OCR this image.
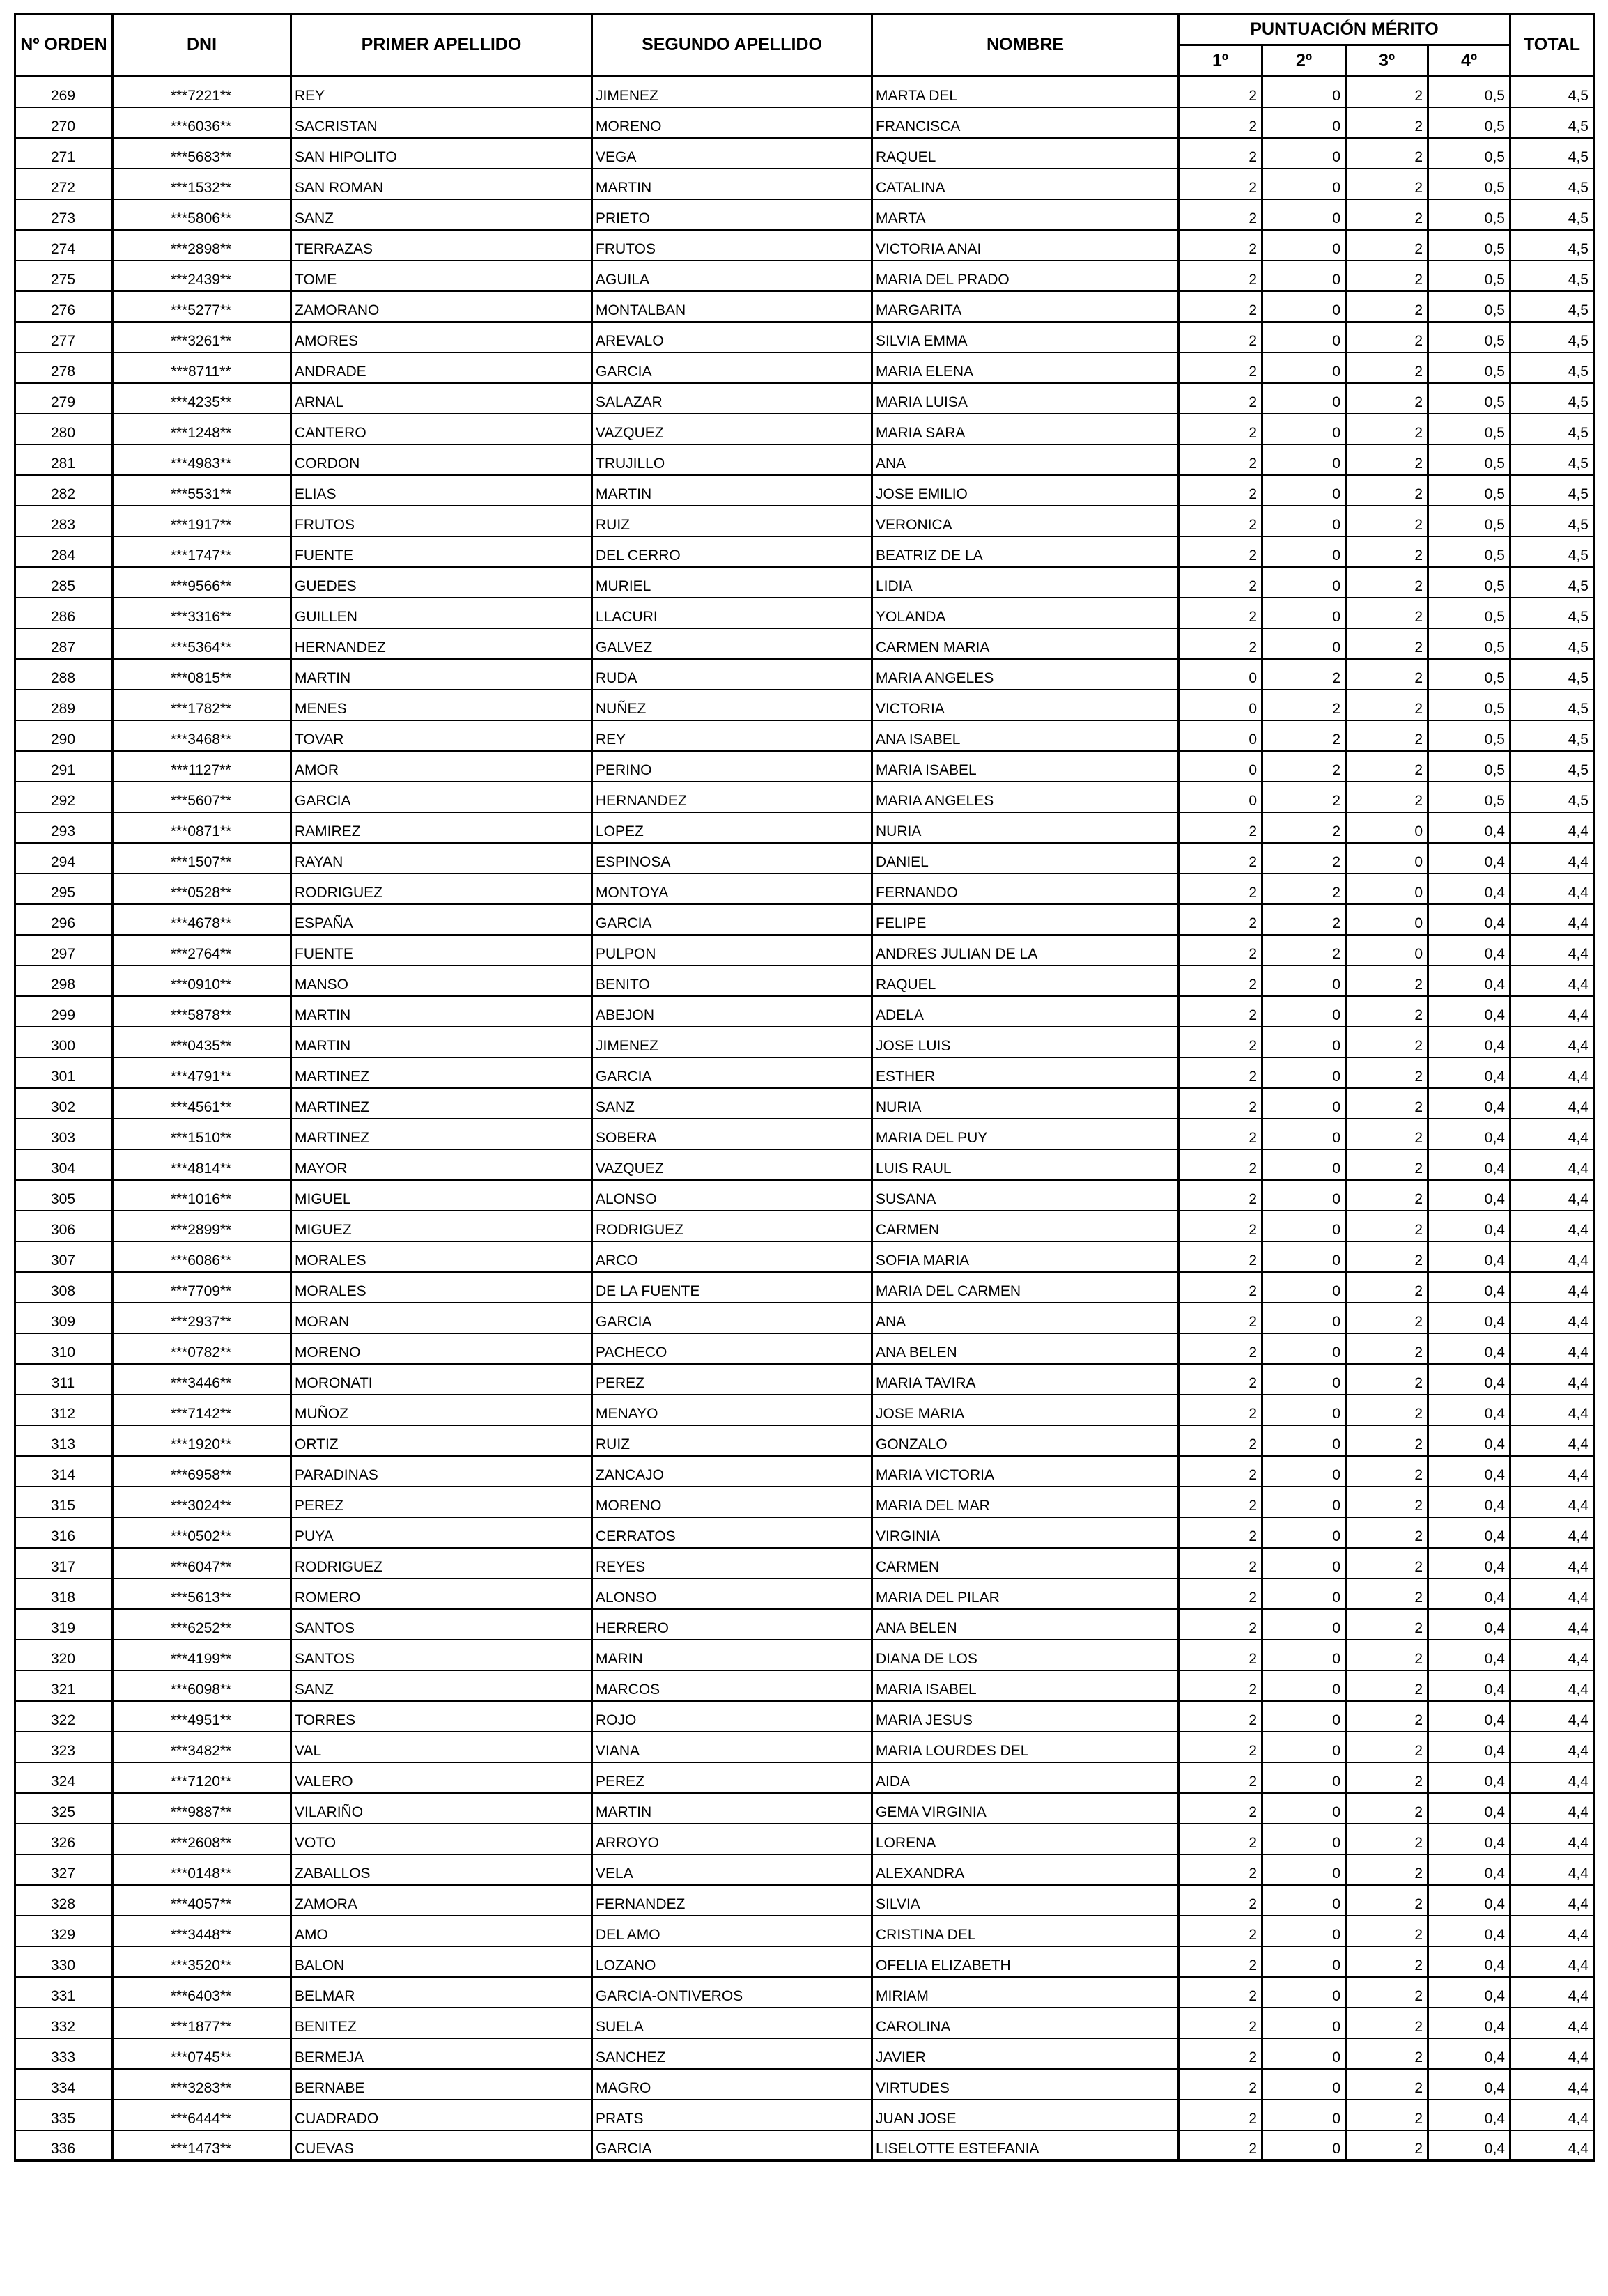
Nº ORDEN	DNI	PRIMER APELLIDO	SEGUNDO APELLIDO	NOMBRE	PUNTUACIÓN MÉRITO				TOTAL
					1º	2º	3º	4º	
269	***7221**	REY	JIMENEZ	MARTA DEL	2	0	2	0,5	4,5
270	***6036**	SACRISTAN	MORENO	FRANCISCA	2	0	2	0,5	4,5
271	***5683**	SAN HIPOLITO	VEGA	RAQUEL	2	0	2	0,5	4,5
272	***1532**	SAN ROMAN	MARTIN	CATALINA	2	0	2	0,5	4,5
273	***5806**	SANZ	PRIETO	MARTA	2	0	2	0,5	4,5
274	***2898**	TERRAZAS	FRUTOS	VICTORIA ANAI	2	0	2	0,5	4,5
275	***2439**	TOME	AGUILA	MARIA DEL PRADO	2	0	2	0,5	4,5
276	***5277**	ZAMORANO	MONTALBAN	MARGARITA	2	0	2	0,5	4,5
277	***3261**	AMORES	AREVALO	SILVIA EMMA	2	0	2	0,5	4,5
278	***8711**	ANDRADE	GARCIA	MARIA ELENA	2	0	2	0,5	4,5
279	***4235**	ARNAL	SALAZAR	MARIA LUISA	2	0	2	0,5	4,5
280	***1248**	CANTERO	VAZQUEZ	MARIA SARA	2	0	2	0,5	4,5
281	***4983**	CORDON	TRUJILLO	ANA	2	0	2	0,5	4,5
282	***5531**	ELIAS	MARTIN	JOSE EMILIO	2	0	2	0,5	4,5
283	***1917**	FRUTOS	RUIZ	VERONICA	2	0	2	0,5	4,5
284	***1747**	FUENTE	DEL CERRO	BEATRIZ DE LA	2	0	2	0,5	4,5
285	***9566**	GUEDES	MURIEL	LIDIA	2	0	2	0,5	4,5
286	***3316**	GUILLEN	LLACURI	YOLANDA	2	0	2	0,5	4,5
287	***5364**	HERNANDEZ	GALVEZ	CARMEN MARIA	2	0	2	0,5	4,5
288	***0815**	MARTIN	RUDA	MARIA ANGELES	0	2	2	0,5	4,5
289	***1782**	MENES	NUÑEZ	VICTORIA	0	2	2	0,5	4,5
290	***3468**	TOVAR	REY	ANA ISABEL	0	2	2	0,5	4,5
291	***1127**	AMOR	PERINO	MARIA ISABEL	0	2	2	0,5	4,5
292	***5607**	GARCIA	HERNANDEZ	MARIA ANGELES	0	2	2	0,5	4,5
293	***0871**	RAMIREZ	LOPEZ	NURIA	2	2	0	0,4	4,4
294	***1507**	RAYAN	ESPINOSA	DANIEL	2	2	0	0,4	4,4
295	***0528**	RODRIGUEZ	MONTOYA	FERNANDO	2	2	0	0,4	4,4
296	***4678**	ESPAÑA	GARCIA	FELIPE	2	2	0	0,4	4,4
297	***2764**	FUENTE	PULPON	ANDRES JULIAN DE LA	2	2	0	0,4	4,4
298	***0910**	MANSO	BENITO	RAQUEL	2	0	2	0,4	4,4
299	***5878**	MARTIN	ABEJON	ADELA	2	0	2	0,4	4,4
300	***0435**	MARTIN	JIMENEZ	JOSE LUIS	2	0	2	0,4	4,4
301	***4791**	MARTINEZ	GARCIA	ESTHER	2	0	2	0,4	4,4
302	***4561**	MARTINEZ	SANZ	NURIA	2	0	2	0,4	4,4
303	***1510**	MARTINEZ	SOBERA	MARIA DEL PUY	2	0	2	0,4	4,4
304	***4814**	MAYOR	VAZQUEZ	LUIS RAUL	2	0	2	0,4	4,4
305	***1016**	MIGUEL	ALONSO	SUSANA	2	0	2	0,4	4,4
306	***2899**	MIGUEZ	RODRIGUEZ	CARMEN	2	0	2	0,4	4,4
307	***6086**	MORALES	ARCO	SOFIA MARIA	2	0	2	0,4	4,4
308	***7709**	MORALES	DE LA FUENTE	MARIA DEL CARMEN	2	0	2	0,4	4,4
309	***2937**	MORAN	GARCIA	ANA	2	0	2	0,4	4,4
310	***0782**	MORENO	PACHECO	ANA BELEN	2	0	2	0,4	4,4
311	***3446**	MORONATI	PEREZ	MARIA TAVIRA	2	0	2	0,4	4,4
312	***7142**	MUÑOZ	MENAYO	JOSE MARIA	2	0	2	0,4	4,4
313	***1920**	ORTIZ	RUIZ	GONZALO	2	0	2	0,4	4,4
314	***6958**	PARADINAS	ZANCAJO	MARIA VICTORIA	2	0	2	0,4	4,4
315	***3024**	PEREZ	MORENO	MARIA DEL MAR	2	0	2	0,4	4,4
316	***0502**	PUYA	CERRATOS	VIRGINIA	2	0	2	0,4	4,4
317	***6047**	RODRIGUEZ	REYES	CARMEN	2	0	2	0,4	4,4
318	***5613**	ROMERO	ALONSO	MARIA DEL PILAR	2	0	2	0,4	4,4
319	***6252**	SANTOS	HERRERO	ANA BELEN	2	0	2	0,4	4,4
320	***4199**	SANTOS	MARIN	DIANA DE LOS	2	0	2	0,4	4,4
321	***6098**	SANZ	MARCOS	MARIA ISABEL	2	0	2	0,4	4,4
322	***4951**	TORRES	ROJO	MARIA JESUS	2	0	2	0,4	4,4
323	***3482**	VAL	VIANA	MARIA LOURDES DEL	2	0	2	0,4	4,4
324	***7120**	VALERO	PEREZ	AIDA	2	0	2	0,4	4,4
325	***9887**	VILARIÑO	MARTIN	GEMA VIRGINIA	2	0	2	0,4	4,4
326	***2608**	VOTO	ARROYO	LORENA	2	0	2	0,4	4,4
327	***0148**	ZABALLOS	VELA	ALEXANDRA	2	0	2	0,4	4,4
328	***4057**	ZAMORA	FERNANDEZ	SILVIA	2	0	2	0,4	4,4
329	***3448**	AMO	DEL AMO	CRISTINA DEL	2	0	2	0,4	4,4
330	***3520**	BALON	LOZANO	OFELIA ELIZABETH	2	0	2	0,4	4,4
331	***6403**	BELMAR	GARCIA-ONTIVEROS	MIRIAM	2	0	2	0,4	4,4
332	***1877**	BENITEZ	SUELA	CAROLINA	2	0	2	0,4	4,4
333	***0745**	BERMEJA	SANCHEZ	JAVIER	2	0	2	0,4	4,4
334	***3283**	BERNABE	MAGRO	VIRTUDES	2	0	2	0,4	4,4
335	***6444**	CUADRADO	PRATS	JUAN JOSE	2	0	2	0,4	4,4
336	***1473**	CUEVAS	GARCIA	LISELOTTE ESTEFANIA	2	0	2	0,4	4,4
